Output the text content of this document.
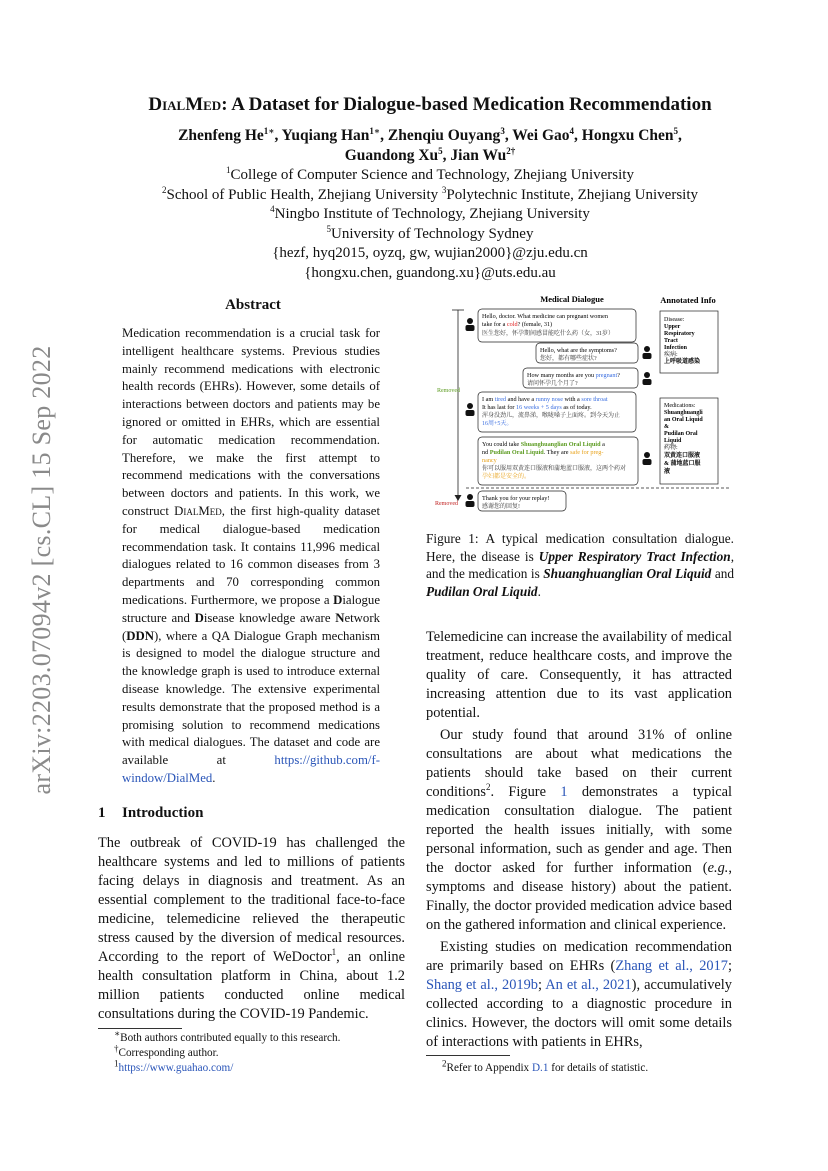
arXiv:2203.07094v2 [cs.CL] 15 Sep 2022
DialMed: A Dataset for Dialogue-based Medication Recommendation
Zhenfeng $He^{1∗}$, Yuqiang Han$^{1∗}$, Zhenqiu Ouyang$^3$, Wei Gao$^4$, Hongxu Chen$^5$,
Guandong Xu$^5$, Jian $Wu^{2\dagger}$
$^1$College of Computer Science and Technology, Zhejiang University
$^2$School of Public Health, Zhejiang University $^3$Polytechnic Institute, Zhejiang University
$^4$Ningbo Institute of Technology, Zhejiang University
$^5$University of Technology Sydney
{hezf, hyq2015, oyzq, gw, wujian2000}@zju.edu.cn
{hongxu.chen, guandong.xu}@uts.edu.au
Abstract
Medication recommendation is a crucial task for intelligent healthcare systems. Previous studies mainly recommend medications with electronic health records (EHRs). However, some details of interactions between doctors and patients may be ignored or omitted in EHRs, which are essential for automatic medication recommendation. Therefore, we make the first attempt to recommend medications with the conversations between doctors and patients. In this work, we construct DialMed, the first high-quality dataset for medical dialogue-based medication recommendation task. It contains 11,996 medical dialogues related to 16 common diseases from 3 departments and 70 corresponding common medications. Furthermore, we propose a Dialogue structure and Disease knowledge aware Network (DDN), where a QA Dialogue Graph mechanism is designed to model the dialogue structure and the knowledge graph is used to introduce external disease knowledge. The extensive experimental results demonstrate that the proposed method is a promising solution to recommend medications with medical dialogues. The dataset and code are available at https://github.com/f-window/DialMed.
1 Introduction
The outbreak of COVID-19 has challenged the healthcare systems and led to millions of patients facing delays in diagnosis and treatment. As an essential complement to the traditional face-to-face medicine, telemedicine relieved the therapeutic stress caused by the diversion of medical resources. According to the report of WeDoctor$^1$, an online health consultation platform in China, about 1.2 million patients conducted online medical consultations during the COVID-19 Pandemic.
∗Both authors contributed equally to this research.
†Corresponding author.
$^1$https://www.guahao.com/
Medical Dialogue	Annotated Info
Removed
Removed
Hello, doctor. What medicine can pregnant women
take for a cold? (female, 31)
医生您好，怀孕期间感冒能吃什么药（女，31岁）
Hello, what are the symptoms?
您好，都有哪些症状?
How many months are you pregnant?
请问怀孕几个月了?
Disease:
Upper
Respiratory
Tract
Infection
疾病:
上呼吸道感染
I am tired and have a runny nose with a sore throat
It has last for 16 weeks + 5 days as of today.
浑身没劲儿，流鼻涕，喉咙嗓子上面疼。到今天为止
16周+5天。
You could take Shuanghuanglian Oral Liquid a
nd Pudilan Oral Liquid. They are safe for preg-
nancy
你可以服用双黄连口服液和蒲地蓝口服液，这两个药对
孕妇都是安全的。
Medications:
Shuanghuangli
an Oral Liquid
&
Pudilan Oral
Liquid
药物:
双黄连口服液
& 蒲地蓝口服
液
Thank you for your replay!
感谢您的回复!
Figure 1: A typical medication consultation dialogue. Here, the disease is Upper Respiratory Tract Infection, and the medication is Shuanghuanglian Oral Liquid and Pudilan Oral Liquid.

Telemedicine can increase the availability of medical treatment, reduce healthcare costs, and improve the quality of care. Consequently, it has attracted increasing attention due to its vast application potential.

Our study found that around 31% of online consultations are about what medications the patients should take based on their current conditions$^2$. Figure 1 demonstrates a typical medication consultation dialogue. The patient reported the health issues initially, with some personal information, such as gender and age. Then the doctor asked for further information (e.g., symptoms and disease history) about the patient. Finally, the doctor provided medication advice based on the gathered information and clinical experience.

Existing studies on medication recommendation are primarily based on EHRs (Zhang et al., 2017; Shang et al., 2019b; An et al., 2021), accumulatively collected according to a diagnostic procedure in clinics. However, the doctors will omit some details of interactions with patients in EHRs,

$^2$Refer to Appendix D.1 for details of statistic.
